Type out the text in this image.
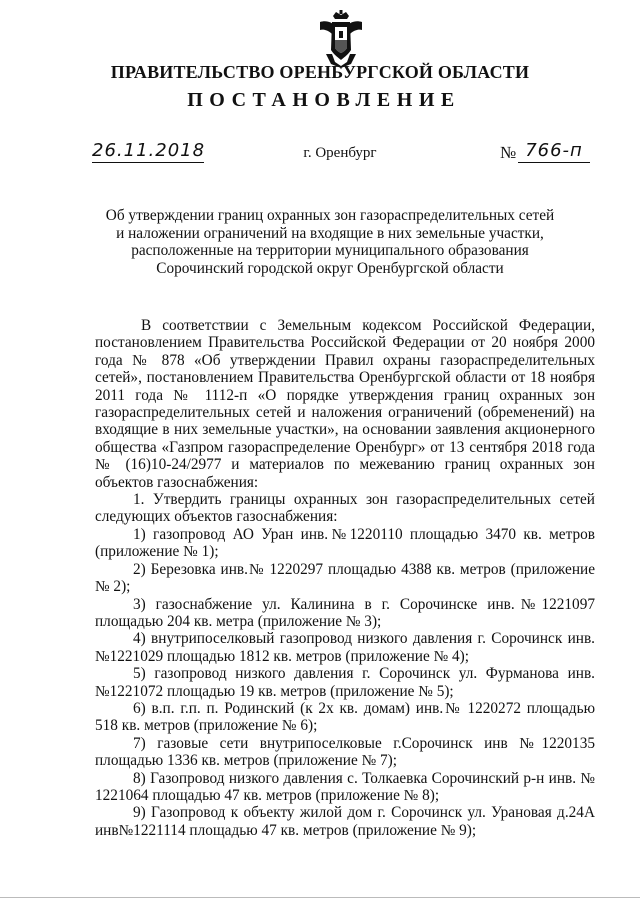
ПРАВИТЕЛЬСТВО ОРЕНБУРГСКОЙ ОБЛАСТИ
ПОСТАНОВЛЕНИЕ
26.11.2018	г. Оренбург	№ 766-п
Об утверждении границ охранных зон газораспределительных сетей
и наложении ограничений на входящие в них земельные участки,
расположенные на территории муниципального образования
Сорочинский городской округ Оренбургской области

В соответствии с Земельным кодексом Российской Федерации, постановлением Правительства Российской Федерации от 20 ноября 2000 года № 878 «Об утверждении Правил охраны газораспределительных сетей», постановлением Правительства Оренбургской области от 18 ноября 2011 года № 1112-п «О порядке утверждения границ охранных зон газораспределительных сетей и наложения ограничений (обременений) на входящие в них земельные участки», на основании заявления акционерного общества «Газпром газораспределение Оренбург» от 13 сентября 2018 года № (16)10-24/2977 и материалов по межеванию границ охранных зон объектов газоснабжения:

1. Утвердить границы охранных зон газораспределительных сетей следующих объектов газоснабжения:

1) газопровод АО Уран инв.№1220110 площадью 3470 кв. метров (приложение № 1);

2) Березовка инв.№ 1220297 площадью 4388 кв. метров (приложение № 2);

3) газоснабжение ул. Калинина в г. Сорочинске инв.№1221097 площадью 204 кв. метра (приложение № 3);

4) внутрипоселковый газопровод низкого давления г. Сорочинск инв.№1221029 площадью 1812 кв. метров (приложение № 4);

5) газопровод низкого давления г. Сорочинск ул. Фурманова инв.№1221072 площадью 19 кв. метров (приложение № 5);

6) в.п. г.п. п. Родинский (к 2х кв. домам) инв.№ 1220272 площадью 518 кв. метров (приложение № 6);

7) газовые сети внутрипоселковые г.Сорочинск инв №1220135 площадью 1336 кв. метров (приложение № 7);

8) Газопровод низкого давления с. Толкаевка Сорочинский р-н инв. № 1221064 площадью 47 кв. метров (приложение № 8);

9) Газопровод к объекту жилой дом г. Сорочинск ул. Урановая д.24А инв№1221114 площадью 47 кв. метров (приложение № 9);
